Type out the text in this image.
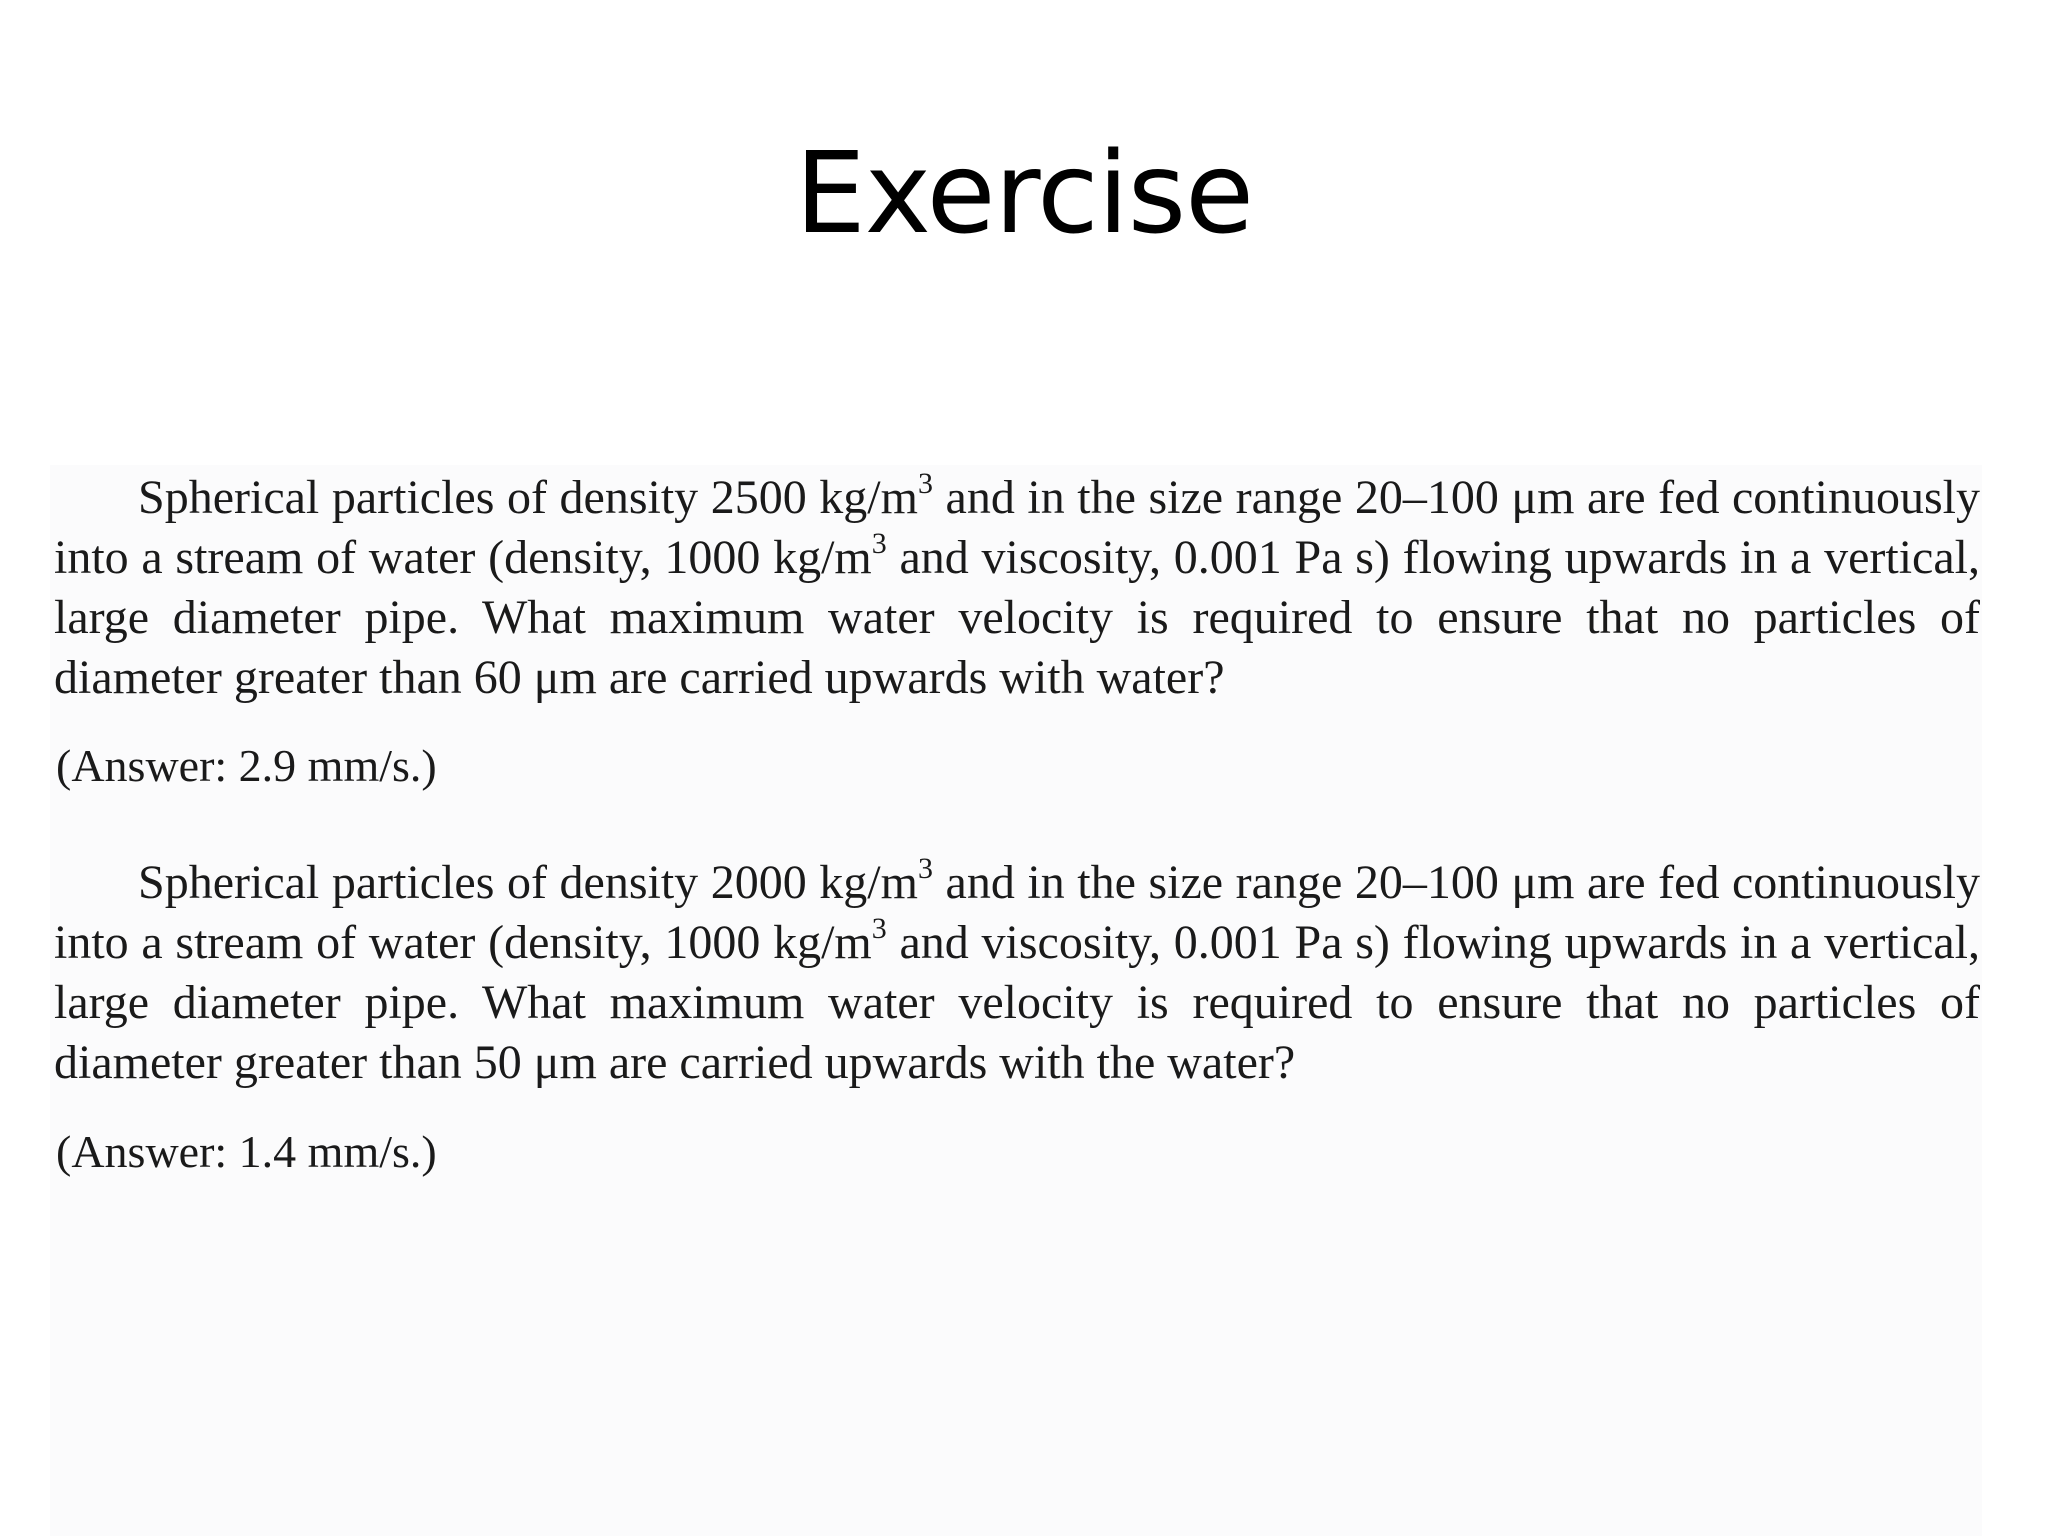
Exercise

Spherical particles of density 2500 $kg/m^3$ and in the size range 20–100 μm are fed continuously into a stream of water (density, 1000 $kg/m^3$ and viscosity, 0.001 Pa s) flowing upwards in a vertical, large diameter pipe. What maximum water velocity is required to ensure that no particles of diameter greater than 60 μm are carried upwards with water?

(Answer: 2.9 mm/s.)

Spherical particles of density 2000 $kg/m^3$ and in the size range 20–100 μm are fed continuously into a stream of water (density, 1000 $kg/m^3$ and viscosity, 0.001 Pa s) flowing upwards in a vertical, large diameter pipe. What maximum water velocity is required to ensure that no particles of diameter greater than 50 μm are carried upwards with the water?

(Answer: 1.4 mm/s.)
